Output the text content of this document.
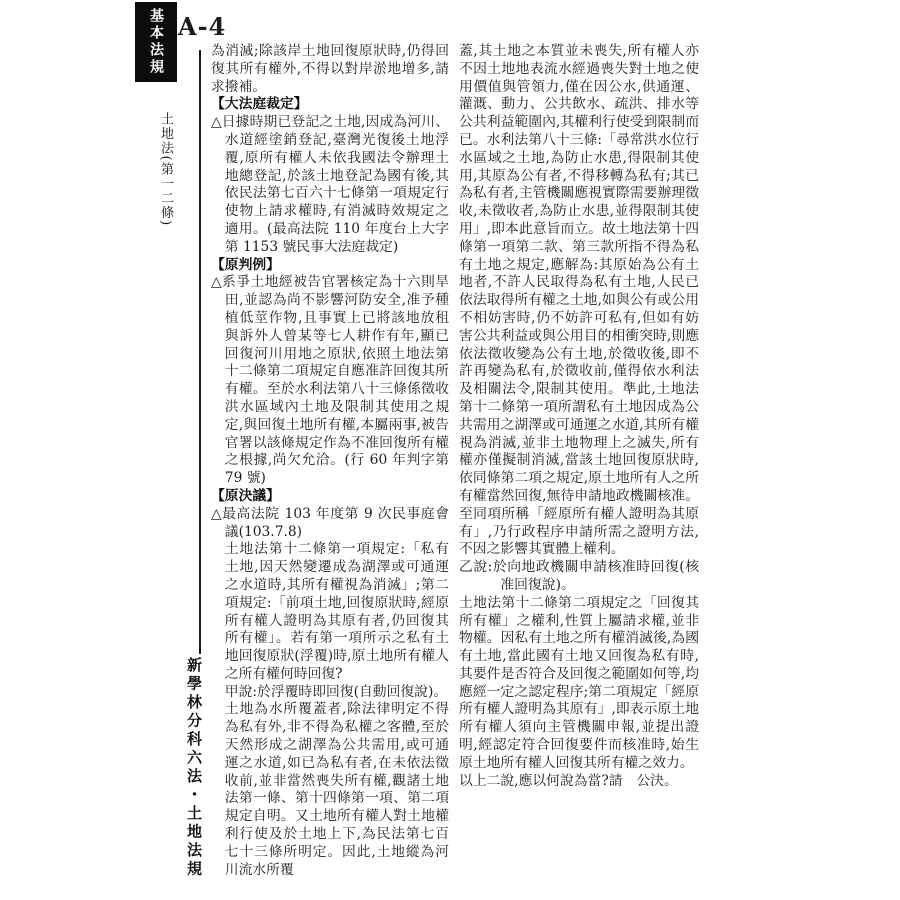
基本法規 A-4
土地法(第一二條)
新學林分科六法・土地法規

為消滅;除該岸土地回復原狀時,仍得回復其所有權外,不得以對岸淤地增多,請求撥補。

【大法庭裁定】

△日據時期已登記之土地,因成為河川、水道經塗銷登記,臺灣光復後土地浮覆,原所有權人未依我國法令辦理土地總登記,於該土地登記為國有後,其依民法第七百六十七條第一項規定行使物上請求權時,有消滅時效規定之適用。(最高法院 110 年度台上大字第 1153 號民事大法庭裁定)

【原判例】

△系爭土地經被告官署核定為十六則旱田,並認為尚不影響河防安全,准予種植低莖作物,且事實上已將該地放租與訴外人曾某等七人耕作有年,顯已回復河川用地之原狀,依照土地法第十二條第二項規定自應准許回復其所有權。至於水利法第八十三條係徵收洪水區域內土地及限制其使用之規定,與回復土地所有權,本屬兩事,被告官署以該條規定作為不准回復所有權之根據,尚欠允洽。(行 60 年判字第 79 號)

【原決議】

△最高法院 103 年度第 9 次民事庭會議(103.7.8)

土地法第十二條第一項規定:「私有土地,因天然變遷成為湖澤或可通運之水道時,其所有權視為消滅」;第二項規定:「前項土地,回復原狀時,經原所有權人證明為其原有者,仍回復其所有權」。若有第一項所示之私有土地回復原狀(浮覆)時,原土地所有權人之所有權何時回復?

甲說:於浮覆時即回復(自動回復說)。

土地為水所覆蓋者,除法律明定不得為私有外,非不得為私權之客體,至於天然形成之湖澤為公共需用,或可通運之水道,如已為私有者,在未依法徵收前,並非當然喪失所有權,觀諸土地法第一條、第十四條第一項、第二項規定自明。又土地所有權人對土地權利行使及於土地上下,為民法第七百七十三條所明定。因此,土地縱為河川流水所覆

蓋,其土地之本質並未喪失,所有權人亦不因土地地表流水經過喪失對土地之使用價值與管領力,僅在因公水,供通運、灌溉、動力、公共飲水、疏洪、排水等公共利益範圍內,其權利行使受到限制而已。水利法第八十三條:「尋常洪水位行水區域之土地,為防止水患,得限制其使用,其原為公有者,不得移轉為私有;其已為私有者,主管機關應視實際需要辦理徵收,未徵收者,為防止水患,並得限制其使用」,即本此意旨而立。故土地法第十四條第一項第二款、第三款所指不得為私有土地之規定,應解為:其原始為公有土地者,不許人民取得為私有土地,人民已依法取得所有權之土地,如與公有或公用不相妨害時,仍不妨許可私有,但如有妨害公共利益或與公用目的相衝突時,則應依法徵收變為公有土地,於徵收後,即不許再變為私有,於徵收前,僅得依水利法及相關法令,限制其使用。準此,土地法第十二條第一項所謂私有土地因成為公共需用之湖澤或可通運之水道,其所有權視為消滅,並非土地物理上之滅失,所有權亦僅擬制消滅,當該土地回復原狀時,依同條第二項之規定,原土地所有人之所有權當然回復,無待申請地政機關核准。至同項所稱「經原所有權人證明為其原有」,乃行政程序申請所需之證明方法,不因之影響其實體上權利。

乙說:於向地政機關申請核准時回復(核准回復說)。

土地法第十二條第二項規定之「回復其所有權」之權利,性質上屬請求權,並非物權。因私有土地之所有權消滅後,為國有土地,當此國有土地又回復為私有時,其要件是否符合及回復之範圍如何等,均應經一定之認定程序;第二項規定「經原所有權人證明為其原有」,即表示原土地所有權人須向主管機關申報,並提出證明,經認定符合回復要件而核准時,始生原土地所有權人回復其所有權之效力。

以上二說,應以何說為當?請　公決。
